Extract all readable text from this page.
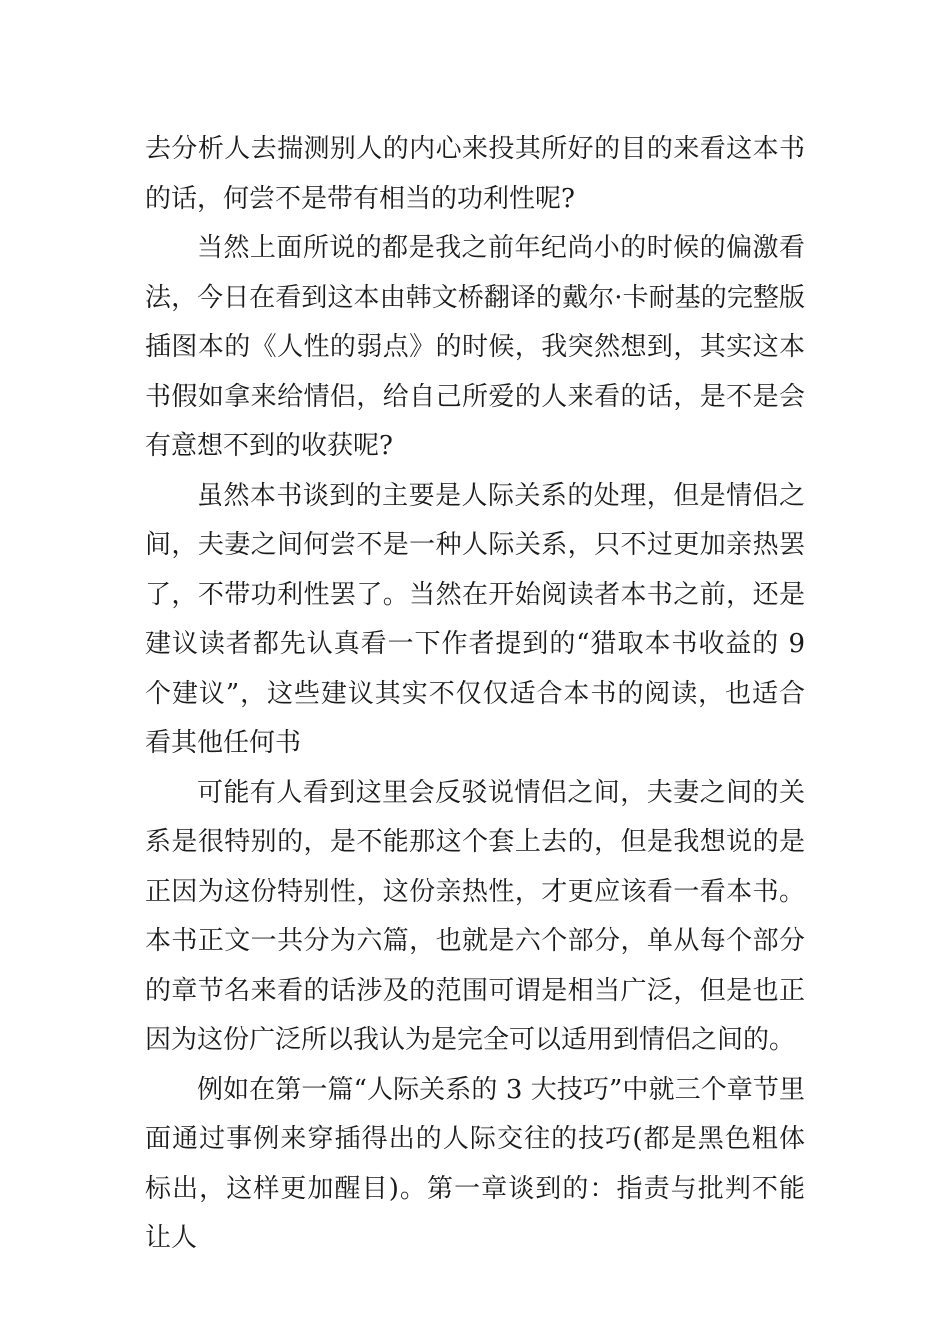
去分析人去揣测别人的内心来投其所好的目的来看这本书的话，何尝不是带有相当的功利性呢?

当然上面所说的都是我之前年纪尚小的时候的偏激看法，今日在看到这本由韩文桥翻译的戴尔·卡耐基的完整版插图本的《人性的弱点》的时候，我突然想到，其实这本书假如拿来给情侣，给自己所爱的人来看的话，是不是会有意想不到的收获呢?

虽然本书谈到的主要是人际关系的处理，但是情侣之间，夫妻之间何尝不是一种人际关系，只不过更加亲热罢了，不带功利性罢了。当然在开始阅读者本书之前，还是建议读者都先认真看一下作者提到的“猎取本书收益的 9 个建议”，这些建议其实不仅仅适合本书的阅读，也适合看其他任何书

可能有人看到这里会反驳说情侣之间，夫妻之间的关系是很特别的，是不能那这个套上去的，但是我想说的是正因为这份特别性，这份亲热性，才更应该看一看本书。本书正文一共分为六篇，也就是六个部分，单从每个部分的章节名来看的话涉及的范围可谓是相当广泛，但是也正因为这份广泛所以我认为是完全可以适用到情侣之间的。

例如在第一篇“人际关系的 3 大技巧”中就三个章节里面通过事例来穿插得出的人际交往的技巧(都是黑色粗体标出，这样更加醒目)。第一章谈到的：指责与批判不能让人
